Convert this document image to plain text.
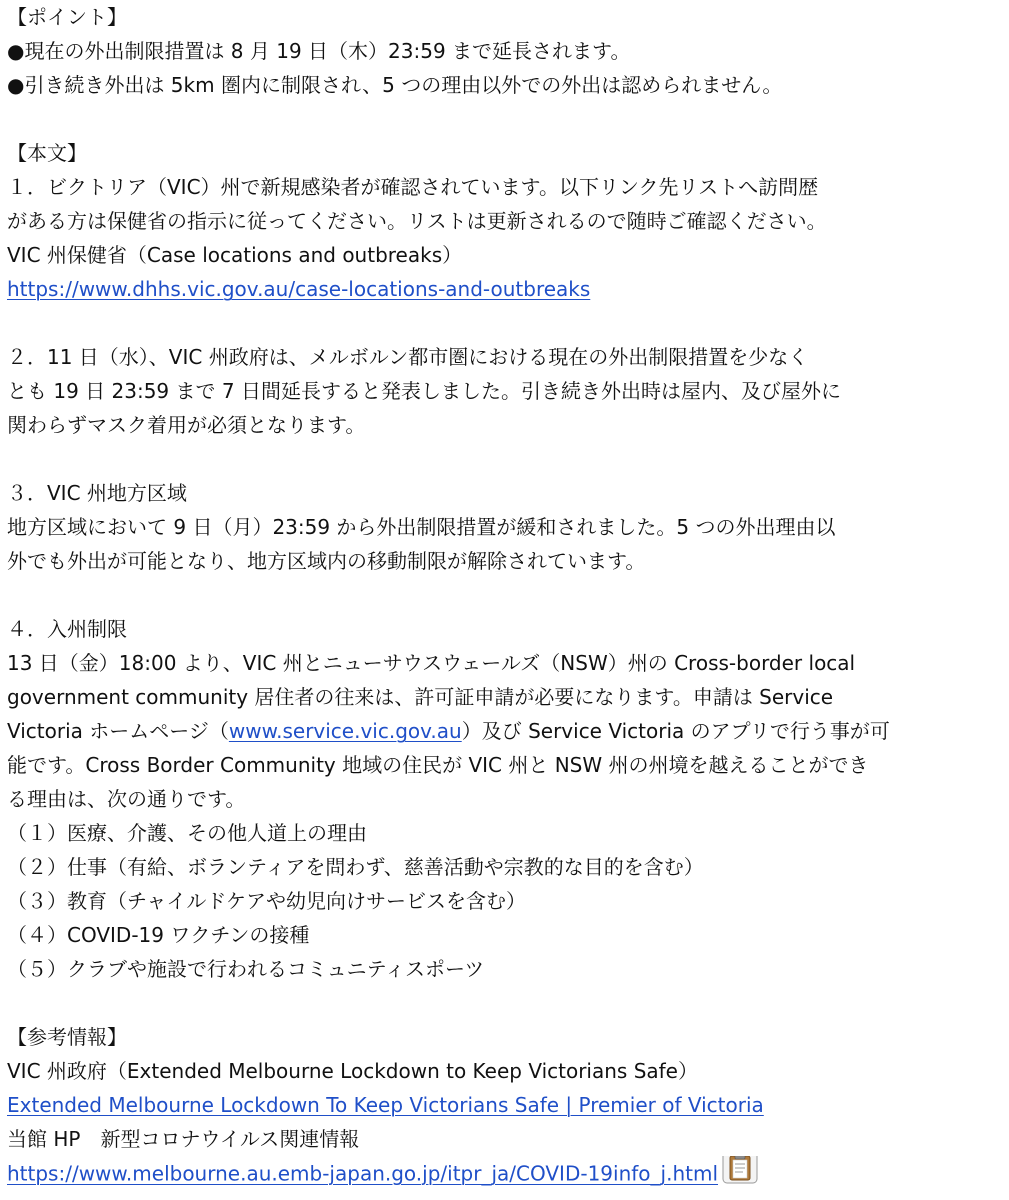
【ポイント】
●現在の外出制限措置は 8 月 19 日（木）23:59 まで延長されます。
●引き続き外出は 5km 圏内に制限され、5 つの理由以外での外出は認められません。
【本文】
１．ビクトリア（VIC）州で新規感染者が確認されています。以下リンク先リストへ訪問歴
がある方は保健省の指示に従ってください。リストは更新されるので随時ご確認ください。
VIC 州保健省（Case locations and outbreaks）
https://www.dhhs.vic.gov.au/case-locations-and-outbreaks
２．11 日（水）、VIC 州政府は、メルボルン都市圏における現在の外出制限措置を少なく
とも 19 日 23:59 まで 7 日間延長すると発表しました。引き続き外出時は屋内、及び屋外に
関わらずマスク着用が必須となります。
３．VIC 州地方区域
地方区域において 9 日（月）23:59 から外出制限措置が緩和されました。5 つの外出理由以
外でも外出が可能となり、地方区域内の移動制限が解除されています。
４．入州制限
13 日（金）18:00 より、VIC 州とニューサウスウェールズ（NSW）州の Cross-border local
government community 居住者の往来は、許可証申請が必要になります。申請は Service
Victoria ホームページ（www.service.vic.gov.au）及び Service Victoria のアプリで行う事が可
能です。Cross Border Community 地域の住民が VIC 州と NSW 州の州境を越えることができ
る理由は、次の通りです。
（１）医療、介護、その他人道上の理由
（２）仕事（有給、ボランティアを問わず、慈善活動や宗教的な目的を含む）
（３）教育（チャイルドケアや幼児向けサービスを含む）
（４）COVID-19 ワクチンの接種
（５）クラブや施設で行われるコミュニティスポーツ
【参考情報】
VIC 州政府（Extended Melbourne Lockdown to Keep Victorians Safe）
Extended Melbourne Lockdown To Keep Victorians Safe | Premier of Victoria
当館 HP　新型コロナウイルス関連情報
https://www.melbourne.au.emb-japan.go.jp/itpr_ja/COVID-19info_j.html
